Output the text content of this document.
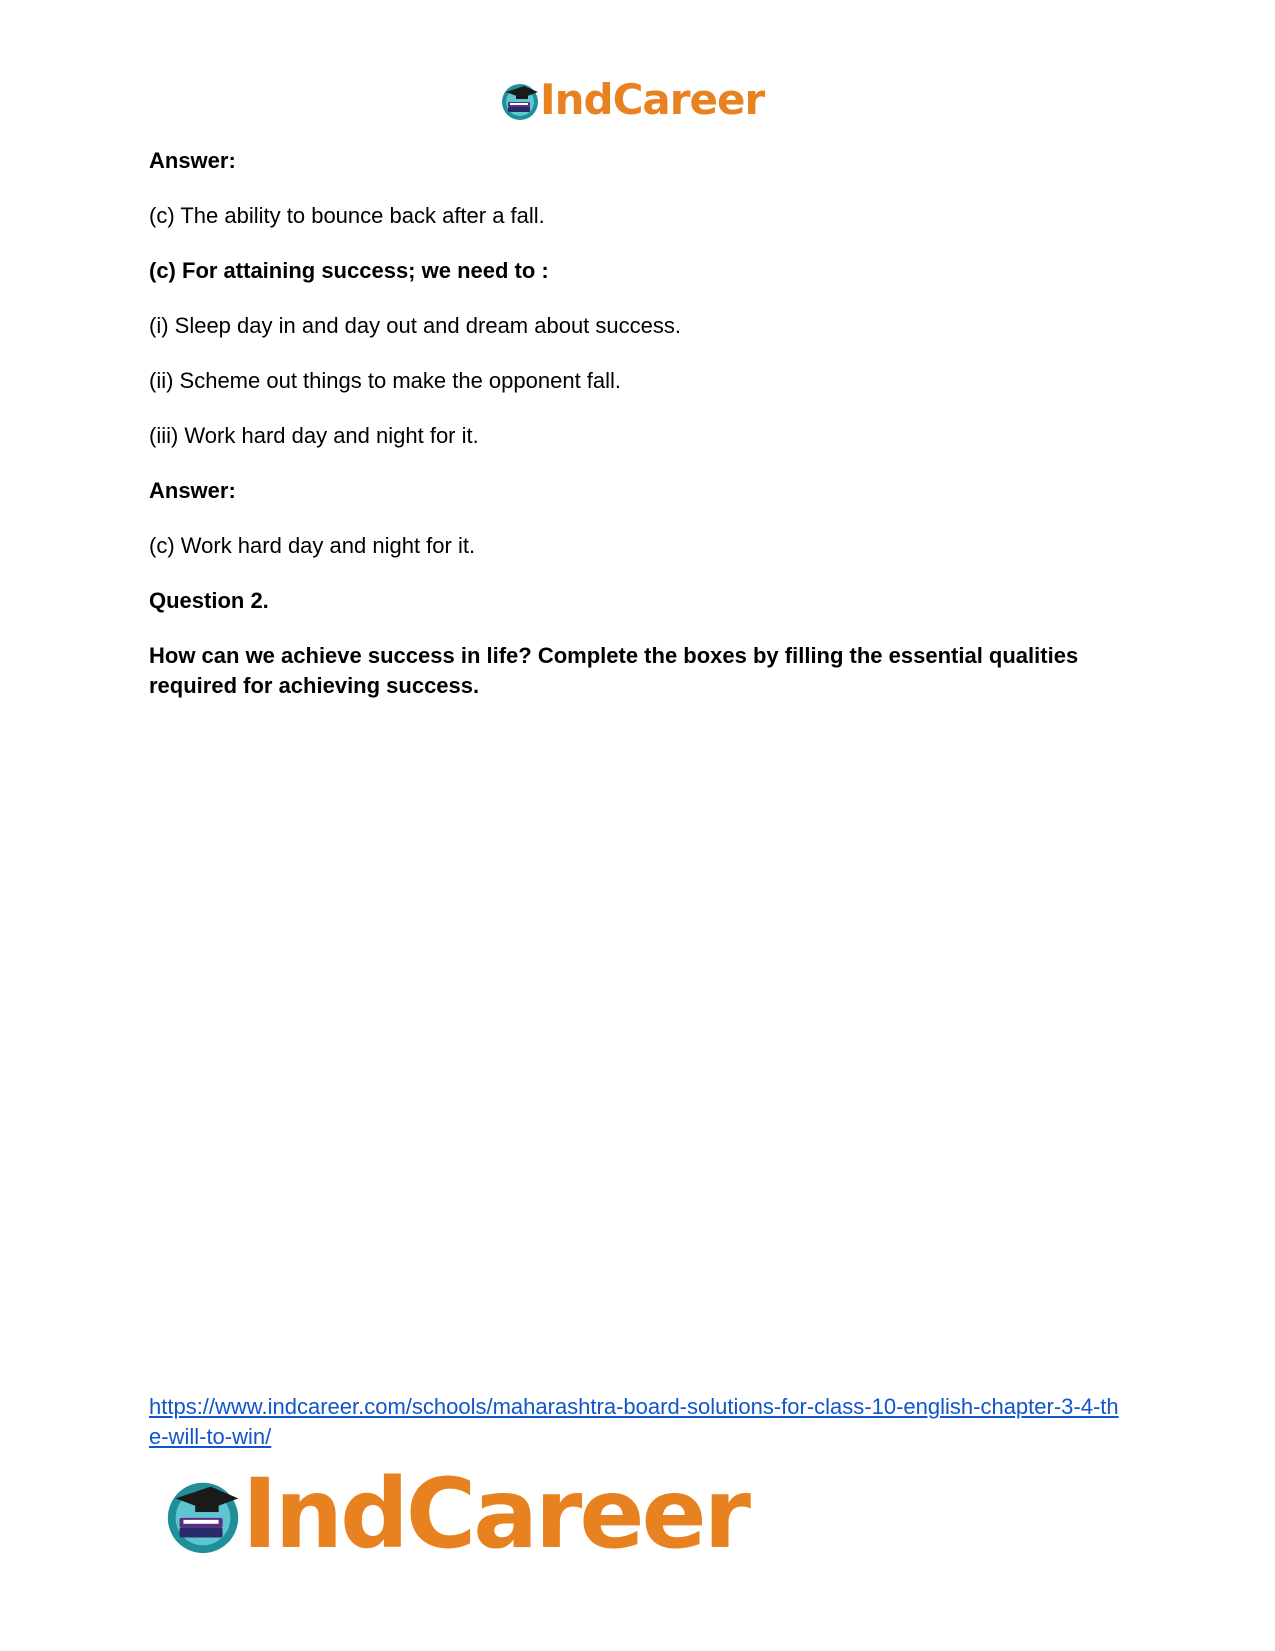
IndCareer

Answer:

(c) The ability to bounce back after a fall.

(c) For attaining success; we need to :

(i) Sleep day in and day out and dream about success.

(ii) Scheme out things to make the opponent fall.

(iii) Work hard day and night for it.

Answer:

(c) Work hard day and night for it.

Question 2.

How can we achieve success in life? Complete the boxes by filling the essential qualities required for achieving success.

https://www.indcareer.com/schools/maharashtra-board-solutions-for-class-10-english-chapter-3-4-the-will-to-win/
IndCareer
